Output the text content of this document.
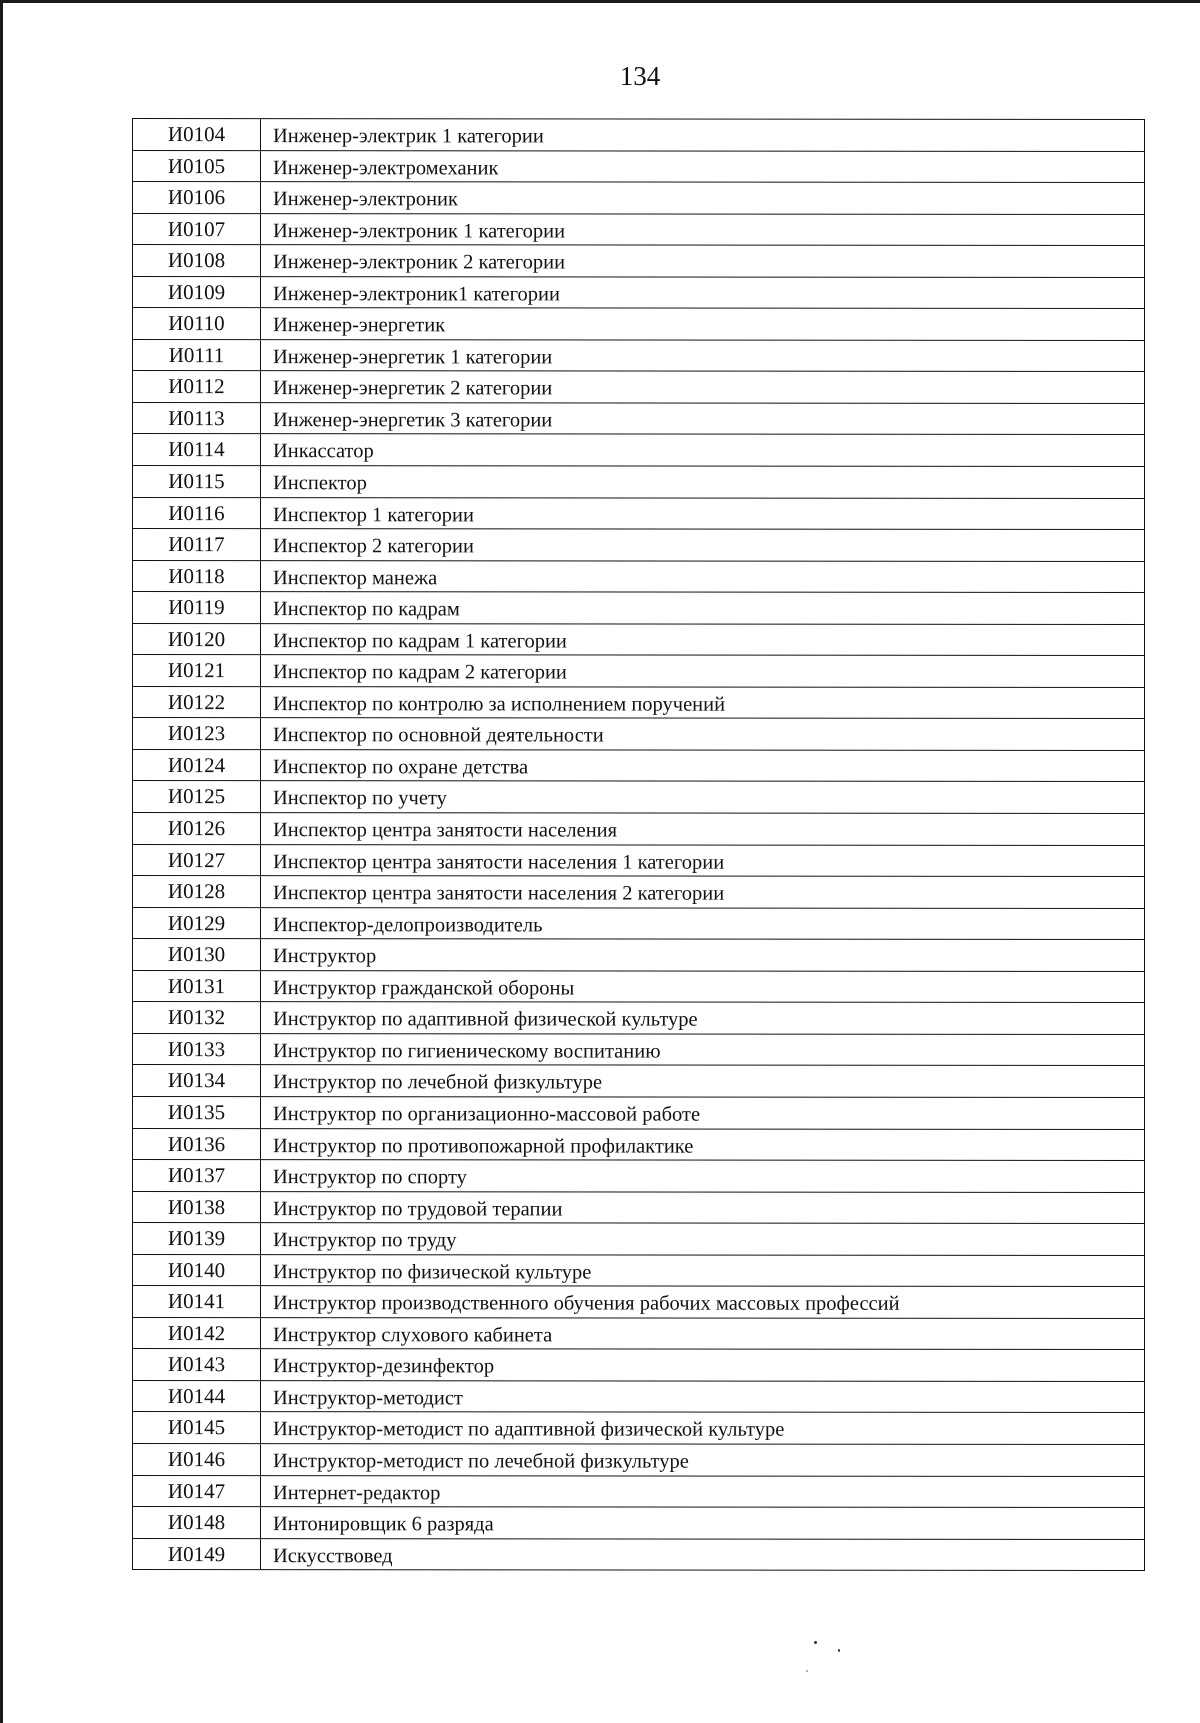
134
И0104	Инженер-электрик 1 категории
И0105	Инженер-электромеханик
И0106	Инженер-электроник
И0107	Инженер-электроник 1 категории
И0108	Инженер-электроник 2 категории
И0109	Инженер-электроник1 категории
И0110	Инженер-энергетик
И0111	Инженер-энергетик 1 категории
И0112	Инженер-энергетик 2 категории
И0113	Инженер-энергетик 3 категории
И0114	Инкассатор
И0115	Инспектор
И0116	Инспектор 1 категории
И0117	Инспектор 2 категории
И0118	Инспектор манежа
И0119	Инспектор по кадрам
И0120	Инспектор по кадрам 1 категории
И0121	Инспектор по кадрам 2 категории
И0122	Инспектор по контролю за исполнением поручений
И0123	Инспектор по основной деятельности
И0124	Инспектор по охране детства
И0125	Инспектор по учету
И0126	Инспектор центра занятости населения
И0127	Инспектор центра занятости населения 1 категории
И0128	Инспектор центра занятости населения 2 категории
И0129	Инспектор-делопроизводитель
И0130	Инструктор
И0131	Инструктор гражданской обороны
И0132	Инструктор по адаптивной физической культуре
И0133	Инструктор по гигиеническому воспитанию
И0134	Инструктор по лечебной физкультуре
И0135	Инструктор по организационно-массовой работе
И0136	Инструктор по противопожарной профилактике
И0137	Инструктор по спорту
И0138	Инструктор по трудовой терапии
И0139	Инструктор по труду
И0140	Инструктор по физической культуре
И0141	Инструктор производственного обучения рабочих массовых профессий
И0142	Инструктор слухового кабинета
И0143	Инструктор-дезинфектор
И0144	Инструктор-методист
И0145	Инструктор-методист по адаптивной физической культуре
И0146	Инструктор-методист по лечебной физкультуре
И0147	Интернет-редактор
И0148	Интонировщик 6 разряда
И0149	Искусствовед
